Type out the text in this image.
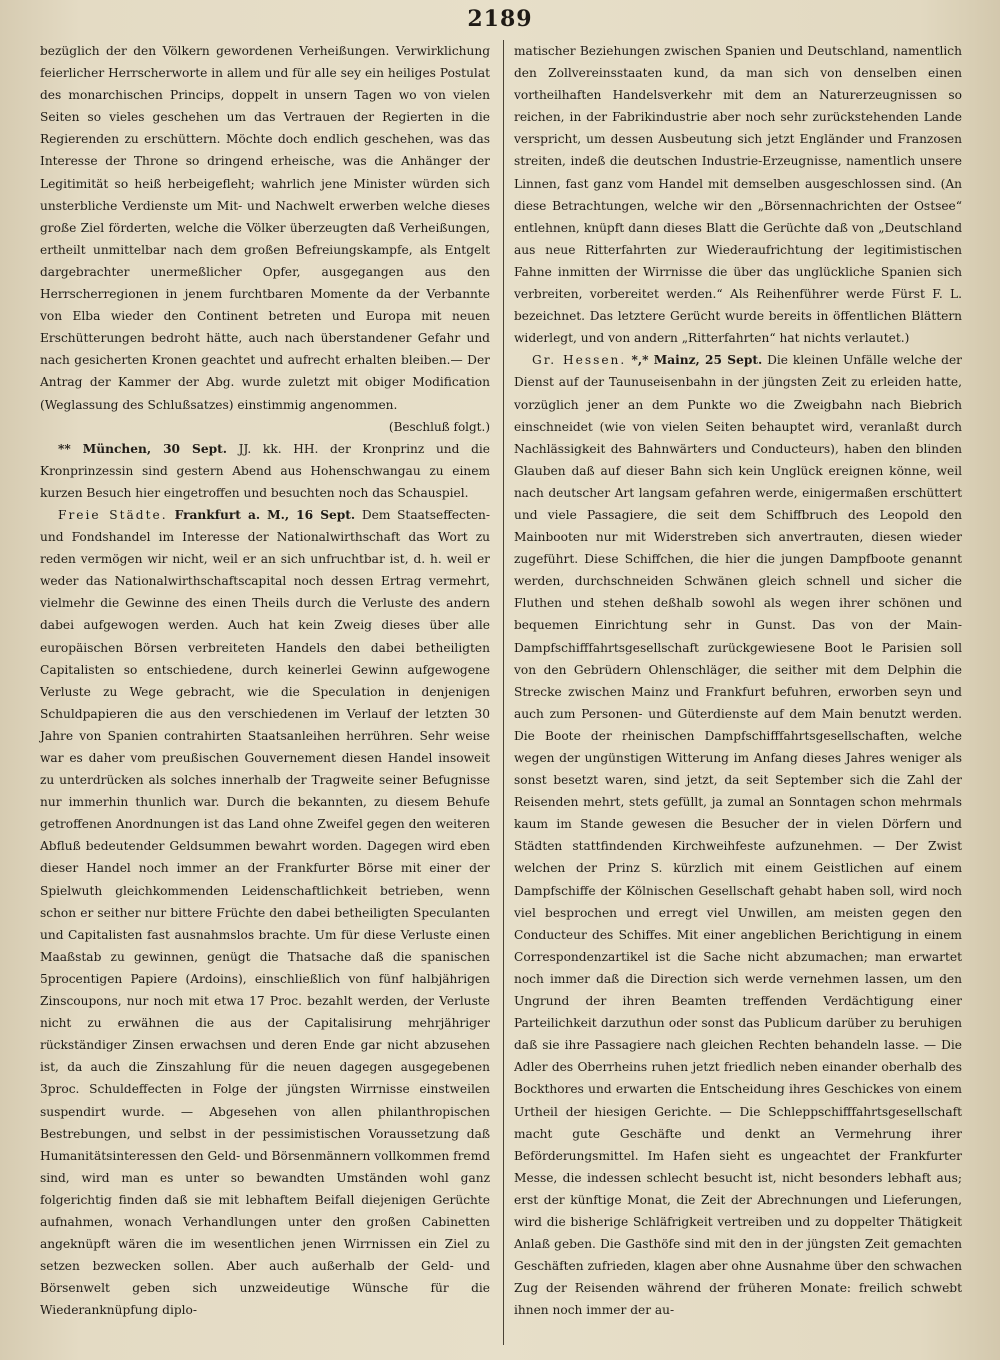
2189

bezüglich der den Völkern gewordenen Verheißungen. Verwirklichung feierlicher Herrscherworte in allem und für alle sey ein heiliges Postulat des monarchischen Princips, doppelt in unsern Tagen wo von vielen Seiten so vieles geschehen um das Vertrauen der Regierten in die Regierenden zu erschüttern. Möchte doch endlich geschehen, was das Interesse der Throne so dringend erheische, was die Anhänger der Legitimität so heiß herbeigefleht; wahrlich jene Minister würden sich unsterbliche Verdienste um Mit- und Nachwelt erwerben welche dieses große Ziel förderten, welche die Völker überzeugten daß Verheißungen, ertheilt unmittelbar nach dem großen Befreiungskampfe, als Entgelt dargebrachter unermeßlicher Opfer, ausgegangen aus den Herrscherregionen in jenem furchtbaren Momente da der Verbannte von Elba wieder den Continent betreten und Europa mit neuen Erschütterungen bedroht hätte, auch nach überstandener Gefahr und nach gesicherten Kronen geachtet und aufrecht erhalten bleiben.— Der Antrag der Kammer der Abg. wurde zuletzt mit obiger Modification (Weglassung des Schlußsatzes) einstimmig angenommen.

(Beschluß folgt.)

** München, 30 Sept. JJ. kk. HH. der Kronprinz und die Kronprinzessin sind gestern Abend aus Hohenschwangau zu einem kurzen Besuch hier eingetroffen und besuchten noch das Schauspiel.

Freie Städte. Frankfurt a. M., 16 Sept. Dem Staatseffecten- und Fondshandel im Interesse der Nationalwirthschaft das Wort zu reden vermögen wir nicht, weil er an sich unfruchtbar ist, d. h. weil er weder das Nationalwirthschaftscapital noch dessen Ertrag vermehrt, vielmehr die Gewinne des einen Theils durch die Verluste des andern dabei aufgewogen werden. Auch hat kein Zweig dieses über alle europäischen Börsen verbreiteten Handels den dabei betheiligten Capitalisten so entschiedene, durch keinerlei Gewinn aufgewogene Verluste zu Wege gebracht, wie die Speculation in denjenigen Schuldpapieren die aus den verschiedenen im Verlauf der letzten 30 Jahre von Spanien contrahirten Staatsanleihen herrühren. Sehr weise war es daher vom preußischen Gouvernement diesen Handel insoweit zu unterdrücken als solches innerhalb der Tragweite seiner Befugnisse nur immerhin thunlich war. Durch die bekannten, zu diesem Behufe getroffenen Anordnungen ist das Land ohne Zweifel gegen den weiteren Abfluß bedeutender Geldsummen bewahrt worden. Dagegen wird eben dieser Handel noch immer an der Frankfurter Börse mit einer der Spielwuth gleichkommenden Leidenschaftlichkeit betrieben, wenn schon er seither nur bittere Früchte den dabei betheiligten Speculanten und Capitalisten fast ausnahmslos brachte. Um für diese Verluste einen Maaßstab zu gewinnen, genügt die Thatsache daß die spanischen 5procentigen Papiere (Ardoins), einschließlich von fünf halbjährigen Zinscoupons, nur noch mit etwa 17 Proc. bezahlt werden, der Verluste nicht zu erwähnen die aus der Capitalisirung mehrjähriger rückständiger Zinsen erwachsen und deren Ende gar nicht abzusehen ist, da auch die Zinszahlung für die neuen dagegen ausgegebenen 3proc. Schuldeffecten in Folge der jüngsten Wirrnisse einstweilen suspendirt wurde. — Abgesehen von allen philanthropischen Bestrebungen, und selbst in der pessimistischen Voraussetzung daß Humanitätsinteressen den Geld- und Börsenmännern vollkommen fremd sind, wird man es unter so bewandten Umständen wohl ganz folgerichtig finden daß sie mit lebhaftem Beifall diejenigen Gerüchte aufnahmen, wonach Verhandlungen unter den großen Cabinetten angeknüpft wären die im wesentlichen jenen Wirrnissen ein Ziel zu setzen bezwecken sollen. Aber auch außerhalb der Geld- und Börsenwelt geben sich unzweideutige Wünsche für die Wiederanknüpfung diplo-

matischer Beziehungen zwischen Spanien und Deutschland, namentlich den Zollvereinsstaaten kund, da man sich von denselben einen vortheilhaften Handelsverkehr mit dem an Naturerzeugnissen so reichen, in der Fabrikindustrie aber noch sehr zurückstehenden Lande verspricht, um dessen Ausbeutung sich jetzt Engländer und Franzosen streiten, indeß die deutschen Industrie-Erzeugnisse, namentlich unsere Linnen, fast ganz vom Handel mit demselben ausgeschlossen sind. (An diese Betrachtungen, welche wir den „Börsennachrichten der Ostsee“ entlehnen, knüpft dann dieses Blatt die Gerüchte daß von „Deutschland aus neue Ritterfahrten zur Wiederaufrichtung der legitimistischen Fahne inmitten der Wirrnisse die über das unglückliche Spanien sich verbreiten, vorbereitet werden.“ Als Reihenführer werde Fürst F. L. bezeichnet. Das letztere Gerücht wurde bereits in öffentlichen Blättern widerlegt, und von andern „Ritterfahrten“ hat nichts verlautet.)

Gr. Hessen. *,* Mainz, 25 Sept. Die kleinen Unfälle welche der Dienst auf der Taunuseisenbahn in der jüngsten Zeit zu erleiden hatte, vorzüglich jener an dem Punkte wo die Zweigbahn nach Biebrich einschneidet (wie von vielen Seiten behauptet wird, veranlaßt durch Nachlässigkeit des Bahnwärters und Conducteurs), haben den blinden Glauben daß auf dieser Bahn sich kein Unglück ereignen könne, weil nach deutscher Art langsam gefahren werde, einigermaßen erschüttert und viele Passagiere, die seit dem Schiffbruch des Leopold den Mainbooten nur mit Widerstreben sich anvertrauten, diesen wieder zugeführt. Diese Schiffchen, die hier die jungen Dampfboote genannt werden, durchschneiden Schwänen gleich schnell und sicher die Fluthen und stehen deßhalb sowohl als wegen ihrer schönen und bequemen Einrichtung sehr in Gunst. Das von der Main-Dampfschifffahrtsgesellschaft zurückgewiesene Boot le Parisien soll von den Gebrüdern Ohlenschläger, die seither mit dem Delphin die Strecke zwischen Mainz und Frankfurt befuhren, erworben seyn und auch zum Personen- und Güterdienste auf dem Main benutzt werden. Die Boote der rheinischen Dampfschifffahrtsgesellschaften, welche wegen der ungünstigen Witterung im Anfang dieses Jahres weniger als sonst besetzt waren, sind jetzt, da seit September sich die Zahl der Reisenden mehrt, stets gefüllt, ja zumal an Sonntagen schon mehrmals kaum im Stande gewesen die Besucher der in vielen Dörfern und Städten stattfindenden Kirchweihfeste aufzunehmen. — Der Zwist welchen der Prinz S. kürzlich mit einem Geistlichen auf einem Dampfschiffe der Kölnischen Gesellschaft gehabt haben soll, wird noch viel besprochen und erregt viel Unwillen, am meisten gegen den Conducteur des Schiffes. Mit einer angeblichen Berichtigung in einem Correspondenzartikel ist die Sache nicht abzumachen; man erwartet noch immer daß die Direction sich werde vernehmen lassen, um den Ungrund der ihren Beamten treffenden Verdächtigung einer Parteilichkeit darzuthun oder sonst das Publicum darüber zu beruhigen daß sie ihre Passagiere nach gleichen Rechten behandeln lasse. — Die Adler des Oberrheins ruhen jetzt friedlich neben einander oberhalb des Bockthores und erwarten die Entscheidung ihres Geschickes von einem Urtheil der hiesigen Gerichte. — Die Schleppschifffahrtsgesellschaft macht gute Geschäfte und denkt an Vermehrung ihrer Beförderungsmittel. Im Hafen sieht es ungeachtet der Frankfurter Messe, die indessen schlecht besucht ist, nicht besonders lebhaft aus; erst der künftige Monat, die Zeit der Abrechnungen und Lieferungen, wird die bisherige Schläfrigkeit vertreiben und zu doppelter Thätigkeit Anlaß geben. Die Gasthöfe sind mit den in der jüngsten Zeit gemachten Geschäften zufrieden, klagen aber ohne Ausnahme über den schwachen Zug der Reisenden während der früheren Monate: freilich schwebt ihnen noch immer der au-
